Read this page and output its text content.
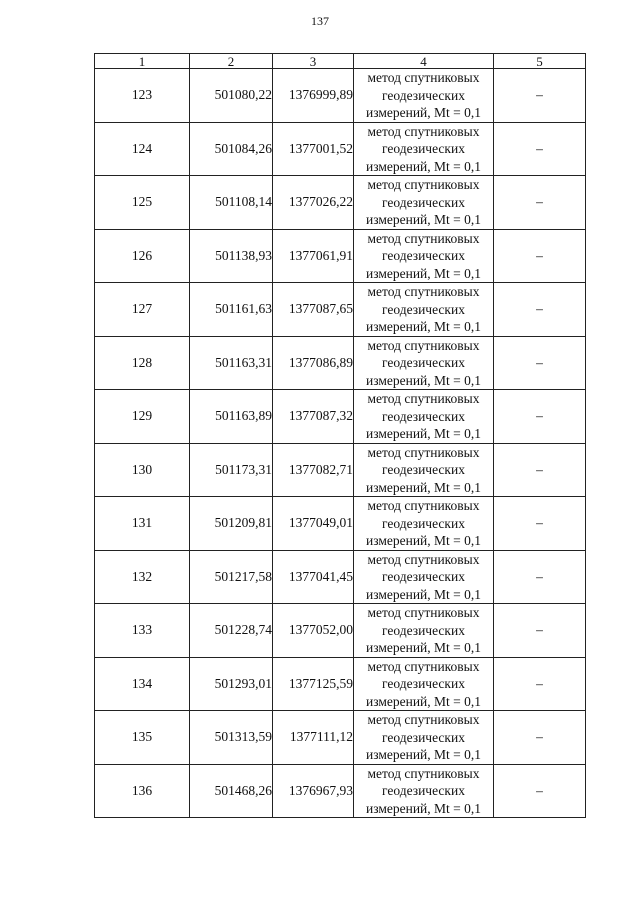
137
1	2	3	4	5
123	501080,22	1376999,89	метод спутниковых
геодезических
измерений, Mt = 0,1	–
124	501084,26	1377001,52	метод спутниковых
геодезических
измерений, Mt = 0,1	–
125	501108,14	1377026,22	метод спутниковых
геодезических
измерений, Mt = 0,1	–
126	501138,93	1377061,91	метод спутниковых
геодезических
измерений, Mt = 0,1	–
127	501161,63	1377087,65	метод спутниковых
геодезических
измерений, Mt = 0,1	–
128	501163,31	1377086,89	метод спутниковых
геодезических
измерений, Mt = 0,1	–
129	501163,89	1377087,32	метод спутниковых
геодезических
измерений, Mt = 0,1	–
130	501173,31	1377082,71	метод спутниковых
геодезических
измерений, Mt = 0,1	–
131	501209,81	1377049,01	метод спутниковых
геодезических
измерений, Mt = 0,1	–
132	501217,58	1377041,45	метод спутниковых
геодезических
измерений, Mt = 0,1	–
133	501228,74	1377052,00	метод спутниковых
геодезических
измерений, Mt = 0,1	–
134	501293,01	1377125,59	метод спутниковых
геодезических
измерений, Mt = 0,1	–
135	501313,59	1377111,12	метод спутниковых
геодезических
измерений, Mt = 0,1	–
136	501468,26	1376967,93	метод спутниковых
геодезических
измерений, Mt = 0,1	–
